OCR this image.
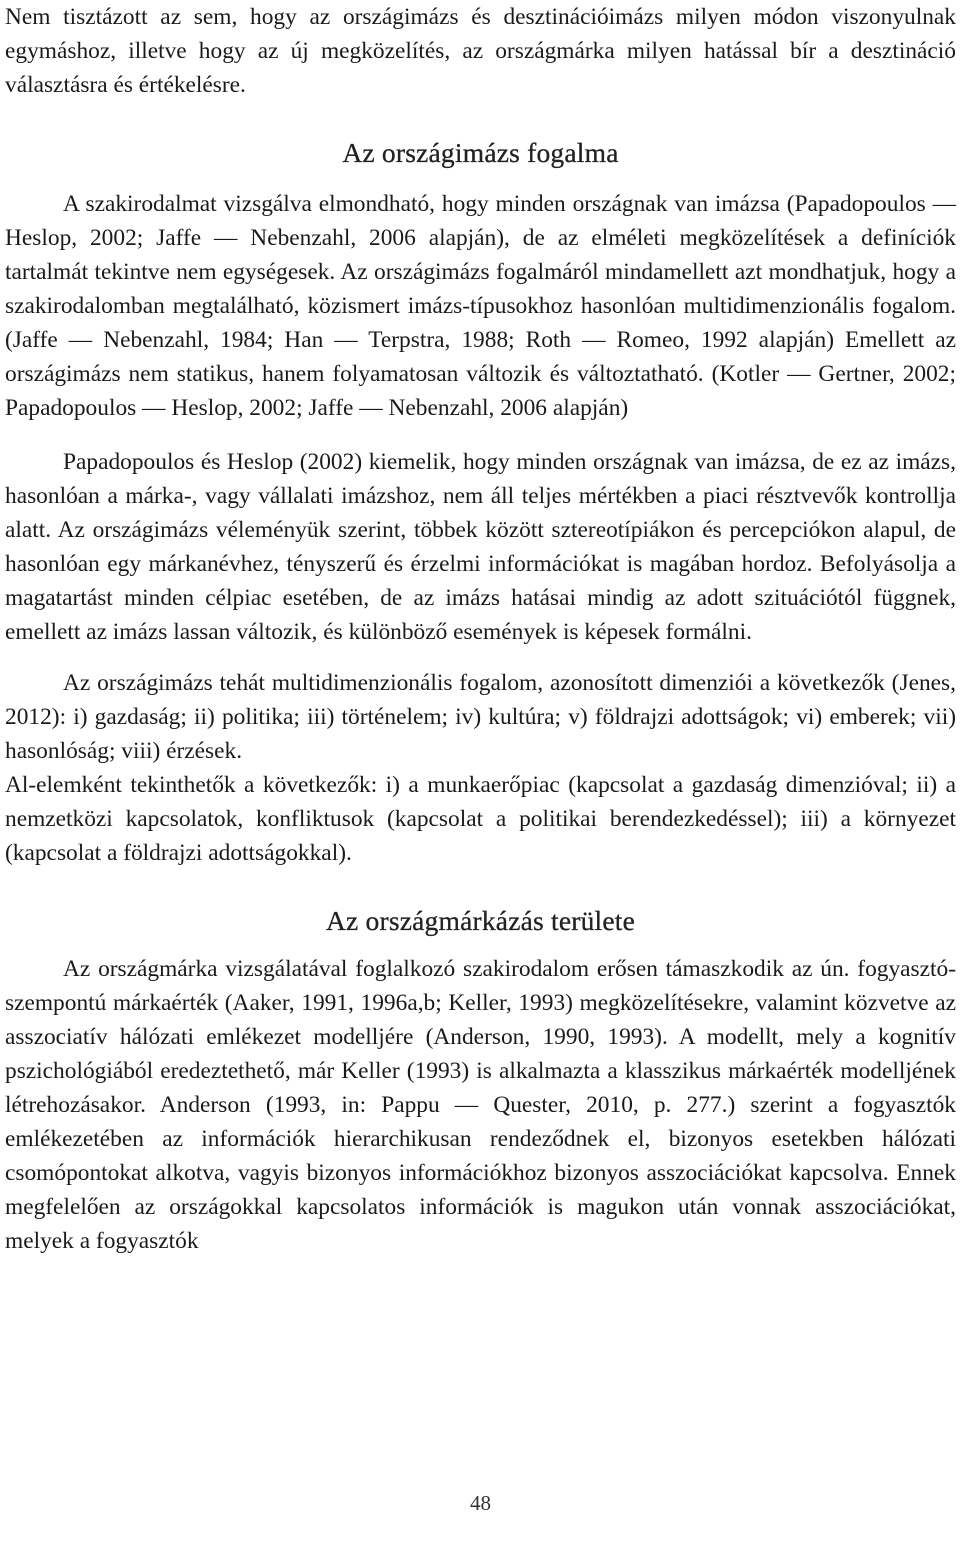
Nem tisztázott az sem, hogy az országimázs és desztinációimázs milyen módon viszonyulnak egymáshoz, illetve hogy az új megközelítés, az országmárka milyen hatással bír a desztináció választásra és értékelésre.

Az országimázs fogalma

A szakirodalmat vizsgálva elmondható, hogy minden országnak van imázsa (Papadopoulos ― Heslop, 2002; Jaffe ― Nebenzahl, 2006 alapján), de az elméleti megközelítések a definíciók tartalmát tekintve nem egységesek. Az országimázs fogalmáról mindamellett azt mondhatjuk, hogy a szakirodalomban megtalálható, közismert imázs-típusokhoz hasonlóan multidimenzionális fogalom. (Jaffe ― Nebenzahl, 1984; Han ― Terpstra, 1988; Roth ― Romeo, 1992 alapján) Emellett az országimázs nem statikus, hanem folyamatosan változik és változtatható. (Kotler ― Gertner, 2002; Papadopoulos ― Heslop, 2002; Jaffe ― Nebenzahl, 2006 alapján)

Papadopoulos és Heslop (2002) kiemelik, hogy minden országnak van imázsa, de ez az imázs, hasonlóan a márka-, vagy vállalati imázshoz, nem áll teljes mértékben a piaci résztvevők kontrollja alatt. Az országimázs véleményük szerint, többek között sztereotípiákon és percepciókon alapul, de hasonlóan egy márkanévhez, tényszerű és érzelmi információkat is magában hordoz. Befolyásolja a magatartást minden célpiac esetében, de az imázs hatásai mindig az adott szituációtól függnek, emellett az imázs lassan változik, és különböző események is képesek formálni.

Az országimázs tehát multidimenzionális fogalom, azonosított dimenziói a következők (Jenes, 2012): i) gazdaság; ii) politika; iii) történelem; iv) kultúra; v) földrajzi adottságok; vi) emberek; vii) hasonlóság; viii) érzések.

Al-elemként tekinthetők a következők: i) a munkaerőpiac (kapcsolat a gazdaság dimenzióval; ii) a nemzetközi kapcsolatok, konfliktusok (kapcsolat a politikai berendezkedéssel); iii) a környezet (kapcsolat a földrajzi adottságokkal).

Az országmárkázás területe

Az országmárka vizsgálatával foglalkozó szakirodalom erősen támaszkodik az ún. fogyasztó-szempontú márkaérték (Aaker, 1991, 1996a,b; Keller, 1993) megközelítésekre, valamint közvetve az asszociatív hálózati emlékezet modelljére (Anderson, 1990, 1993). A modellt, mely a kognitív pszichológiából eredeztethető, már Keller (1993) is alkalmazta a klasszikus márkaérték modelljének létrehozásakor. Anderson (1993, in: Pappu ― Quester, 2010, p. 277.) szerint a fogyasztók emlékezetében az információk hierarchikusan rendeződnek el, bizonyos esetekben hálózati csomópontokat alkotva, vagyis bizonyos információkhoz bizonyos asszociációkat kapcsolva. Ennek megfelelően az országokkal kapcsolatos információk is magukon után vonnak asszociációkat, melyek a fogyasztók

48
